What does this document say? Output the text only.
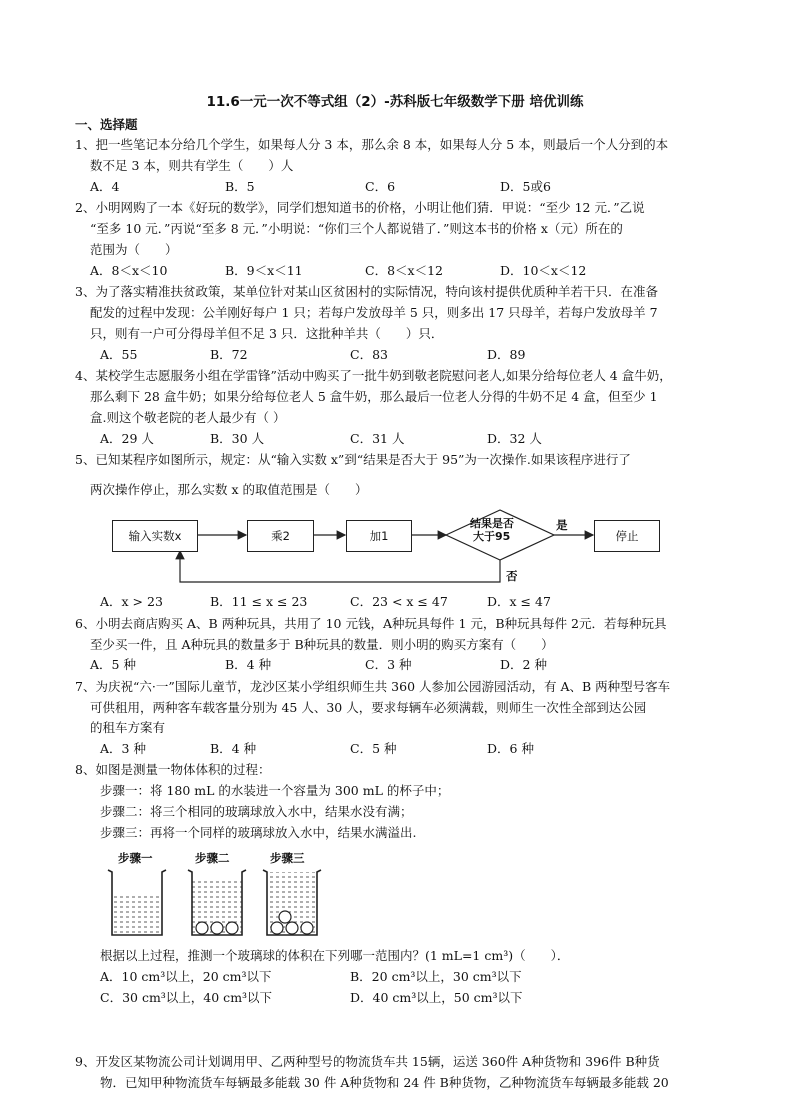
11.6一元一次不等式组（2）-苏科版七年级数学下册 培优训练
一、选择题
1、把一些笔记本分给几个学生，如果每人分 3 本，那么余 8 本，如果每人分 5 本，则最后一个人分到的本
数不足 3 本，则共有学生（　　）人
A．4	B．5	C．6	D．5或6
2、小明网购了一本《好玩的数学》，同学们想知道书的价格，小明让他们猜．甲说：“至少 12 元．”乙说
“至多 10 元．”丙说“至多 8 元．”小明说：“你们三个人都说错了．”则这本书的价格 x（元）所在的
范围为（　　）
A．8＜x＜10	B．9＜x＜11	C．8＜x＜12	D．10＜x＜12
3、为了落实精准扶贫政策，某单位针对某山区贫困村的实际情况，特向该村提供优质种羊若干只．在准备
配发的过程中发现：公羊刚好每户 1 只；若每户发放母羊 5 只，则多出 17 只母羊，若每户发放母羊 7
只，则有一户可分得母羊但不足 3 只．这批种羊共（　　）只．
A．55	B．72	C．83	D．89
4、某校学生志愿服务小组在学雷锋”活动中购买了一批牛奶到敬老院慰问老人,如果分给每位老人 4 盒牛奶，
那么剩下 28 盒牛奶；如果分给每位老人 5 盒牛奶，那么最后一位老人分得的牛奶不足 4 盒，但至少 1
盒.则这个敬老院的老人最少有（ ）
A．29 人	B．30 人	C．31 人	D．32 人
5、已知某程序如图所示，规定：从“输入实数 x”到“结果是否大于 95”为一次操作.如果该程序进行了
两次操作停止，那么实数 x 的取值范围是（　　）
输入实数x	乘2	加1
结果是否
大于95
是
停止
否
A．x > 23	B．11 ≤ x ≤ 23	C．23 < x ≤ 47	D．x ≤ 47
6、小明去商店购买 A、B 两种玩具，共用了 10 元钱，A种玩具每件 1 元，B种玩具每件 2元．若每种玩具
至少买一件，且 A种玩具的数量多于 B种玩具的数量．则小明的购买方案有（　　）
A．5 种	B．4 种	C．3 种	D．2 种
7、为庆祝“六·一”国际儿童节，龙沙区某小学组织师生共 360 人参加公园游园活动，有 A、B 两种型号客车
可供租用，两种客车载客量分别为 45 人、30 人，要求每辆车必须满载，则师生一次性全部到达公园
的租车方案有
A．3 种	B．4 种	C．5 种	D．6 种
8、如图是测量一物体体积的过程：
步骤一：将 180 mL 的水装进一个容量为 300 mL 的杯子中；
步骤二：将三个相同的玻璃球放入水中，结果水没有满；
步骤三：再将一个同样的玻璃球放入水中，结果水满溢出.
步骤一	步骤二	步骤三
根据以上过程，推测一个玻璃球的体积在下列哪一范围内？(1 mL=1 cm³)（　　）．
A．10 cm³以上，20 cm³以下	B．20 cm³以上，30 cm³以下
C．30 cm³以上，40 cm³以下	D．40 cm³以上，50 cm³以下
9、开发区某物流公司计划调用甲、乙两种型号的物流货车共 15辆，运送 360件 A种货物和 396件 B种货
物．已知甲种物流货车每辆最多能载 30 件 A种货物和 24 件 B种货物，乙种物流货车每辆最多能载 20
